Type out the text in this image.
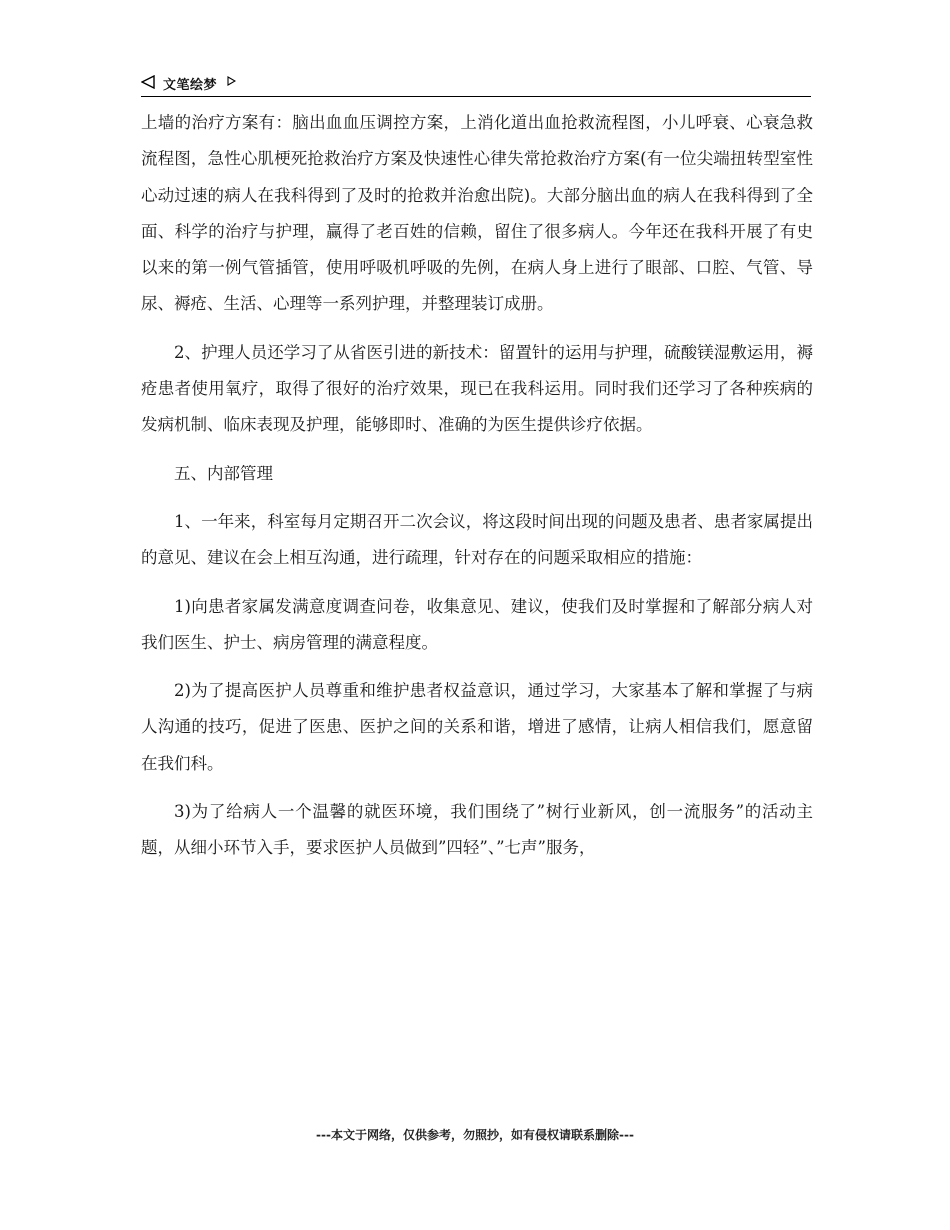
文笔绘梦

上墙的治疗方案有：脑出血血压调控方案，上消化道出血抢救流程图，小儿呼衰、心衰急救流程图，急性心肌梗死抢救治疗方案及快速性心律失常抢救治疗方案(有一位尖端扭转型室性心动过速的病人在我科得到了及时的抢救并治愈出院)。大部分脑出血的病人在我科得到了全面、科学的治疗与护理，赢得了老百姓的信赖，留住了很多病人。今年还在我科开展了有史以来的第一例气管插管，使用呼吸机呼吸的先例，在病人身上进行了眼部、口腔、气管、导尿、褥疮、生活、心理等一系列护理，并整理装订成册。

2、护理人员还学习了从省医引进的新技术：留置针的运用与护理，硫酸镁湿敷运用，褥疮患者使用氧疗，取得了很好的治疗效果，现已在我科运用。同时我们还学习了各种疾病的发病机制、临床表现及护理，能够即时、准确的为医生提供诊疗依据。

五、内部管理

1、一年来，科室每月定期召开二次会议，将这段时间出现的问题及患者、患者家属提出的意见、建议在会上相互沟通，进行疏理，针对存在的问题采取相应的措施：

1)向患者家属发满意度调查问卷，收集意见、建议，使我们及时掌握和了解部分病人对我们医生、护士、病房管理的满意程度。

2)为了提高医护人员尊重和维护患者权益意识，通过学习，大家基本了解和掌握了与病人沟通的技巧，促进了医患、医护之间的关系和谐，增进了感情，让病人相信我们，愿意留在我们科。

3)为了给病人一个温馨的就医环境，我们围绕了”树行业新风，创一流服务”的活动主题，从细小环节入手，要求医护人员做到”四轻”、”七声”服务，

---本文于网络，仅供参考，勿照抄，如有侵权请联系删除---
